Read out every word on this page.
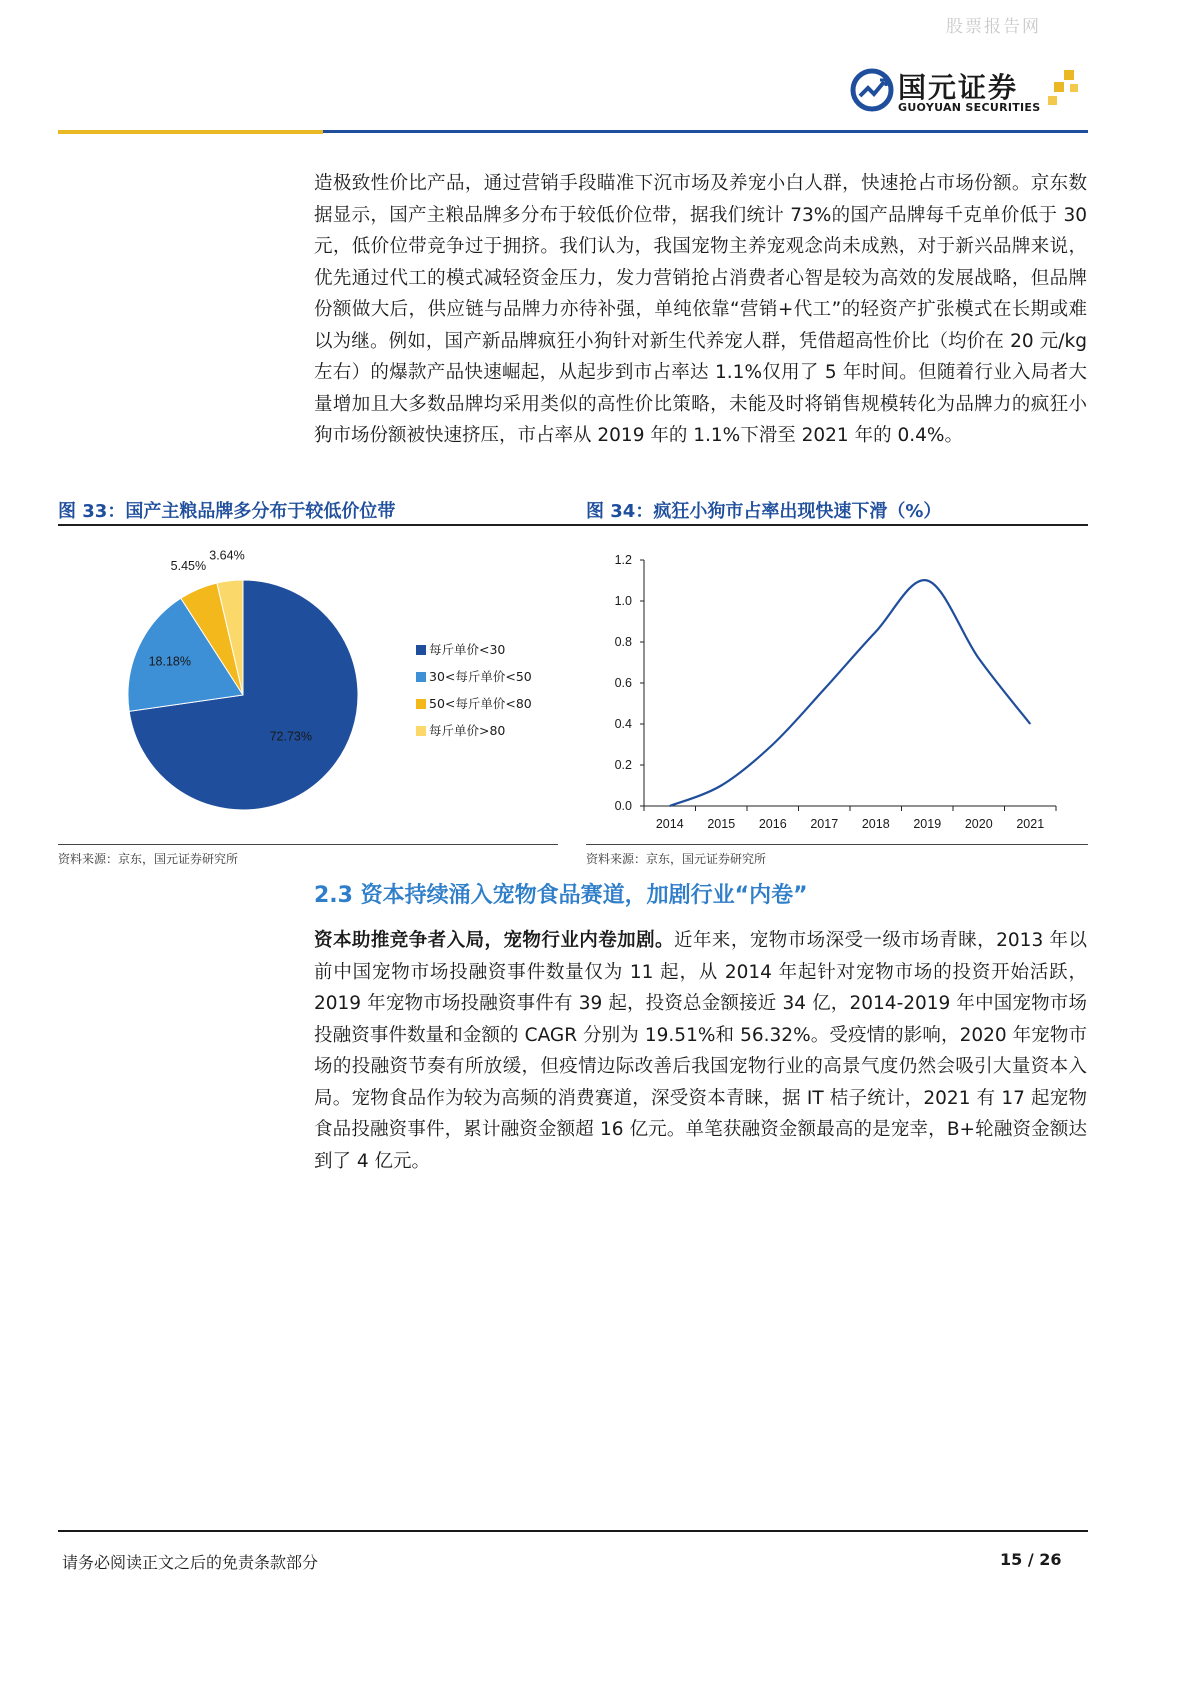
股票报告网
国元证券
GUOYUAN SECURITIES

造极致性价比产品，通过营销手段瞄准下沉市场及养宠小白人群，快速抢占市场份额。京东数据显示，国产主粮品牌多分布于较低价位带，据我们统计 73%的国产品牌每千克单价低于 30 元，低价位带竞争过于拥挤。我们认为，我国宠物主养宠观念尚未成熟，对于新兴品牌来说，优先通过代工的模式减轻资金压力，发力营销抢占消费者心智是较为高效的发展战略，但品牌份额做大后，供应链与品牌力亦待补强，单纯依靠“营销+代工”的轻资产扩张模式在长期或难以为继。例如，国产新品牌疯狂小狗针对新生代养宠人群，凭借超高性价比（均价在 20 元/kg 左右）的爆款产品快速崛起，从起步到市占率达 1.1%仅用了 5 年时间。但随着行业入局者大量增加且大多数品牌均采用类似的高性价比策略，未能及时将销售规模转化为品牌力的疯狂小狗市场份额被快速挤压，市占率从 2019 年的 1.1%下滑至 2021 年的 0.4%。

图 33：国产主粮品牌多分布于较低价位带	图 34：疯狂小狗市占率出现快速下滑（%）
72.73%
18.18%
5.45%
3.64%
每斤单价<30
30<每斤单价<50
50<每斤单价<80
每斤单价>80
0.0
0.2
0.4
0.6
0.8
1.0
1.2
2014 2015 2016 2017 2018 2019 2020 2021
资料来源：京东，国元证券研究所	资料来源：京东，国元证券研究所
2.3 资本持续涌入宠物食品赛道，加剧行业“内卷”

资本助推竞争者入局，宠物行业内卷加剧。近年来，宠物市场深受一级市场青睐，2013 年以前中国宠物市场投融资事件数量仅为 11 起，从 2014 年起针对宠物市场的投资开始活跃，2019 年宠物市场投融资事件有 39 起，投资总金额接近 34 亿，2014-2019 年中国宠物市场投融资事件数量和金额的 CAGR 分别为 19.51%和 56.32%。受疫情的影响，2020 年宠物市场的投融资节奏有所放缓，但疫情边际改善后我国宠物行业的高景气度仍然会吸引大量资本入局。宠物食品作为较为高频的消费赛道，深受资本青睐，据 IT 桔子统计，2021 有 17 起宠物食品投融资事件，累计融资金额超 16 亿元。单笔获融资金额最高的是宠幸，B+轮融资金额达到了 4 亿元。

请务必阅读正文之后的免责条款部分	15 / 26
